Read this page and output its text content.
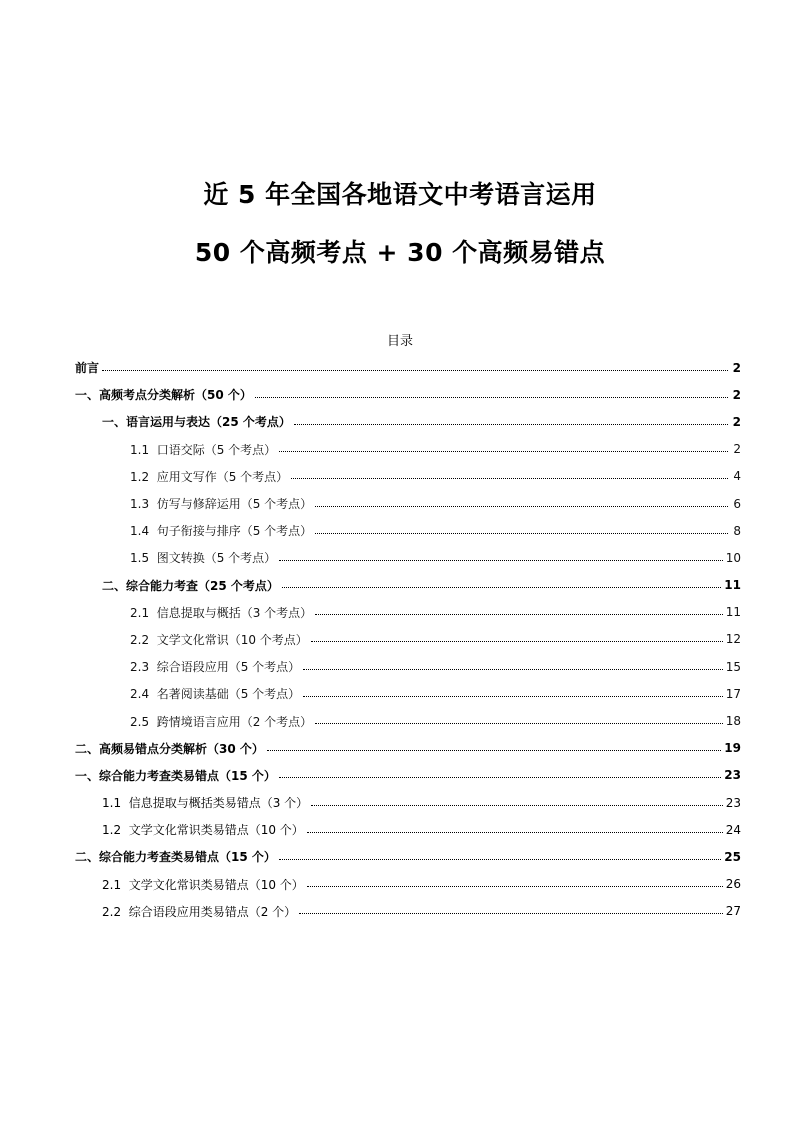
近 5 年全国各地语文中考语言运用
50 个高频考点 + 30 个高频易错点
目录
前言	2
一、高频考点分类解析（50 个）	2
一、语言运用与表达（25 个考点）	2
1.1  口语交际（5 个考点）	2
1.2  应用文写作（5 个考点）	4
1.3  仿写与修辞运用（5 个考点）	6
1.4  句子衔接与排序（5 个考点）	8
1.5  图文转换（5 个考点）	10
二、综合能力考查（25 个考点）	11
2.1  信息提取与概括（3 个考点）	11
2.2  文学文化常识（10 个考点）	12
2.3  综合语段应用（5 个考点）	15
2.4  名著阅读基础（5 个考点）	17
2.5  跨情境语言应用（2 个考点）	18
二、高频易错点分类解析（30 个）	19
一、综合能力考查类易错点（15 个）	23
1.1  信息提取与概括类易错点（3 个）	23
1.2  文学文化常识类易错点（10 个）	24
二、综合能力考查类易错点（15 个）	25
2.1  文学文化常识类易错点（10 个）	26
2.2  综合语段应用类易错点（2 个）	27
